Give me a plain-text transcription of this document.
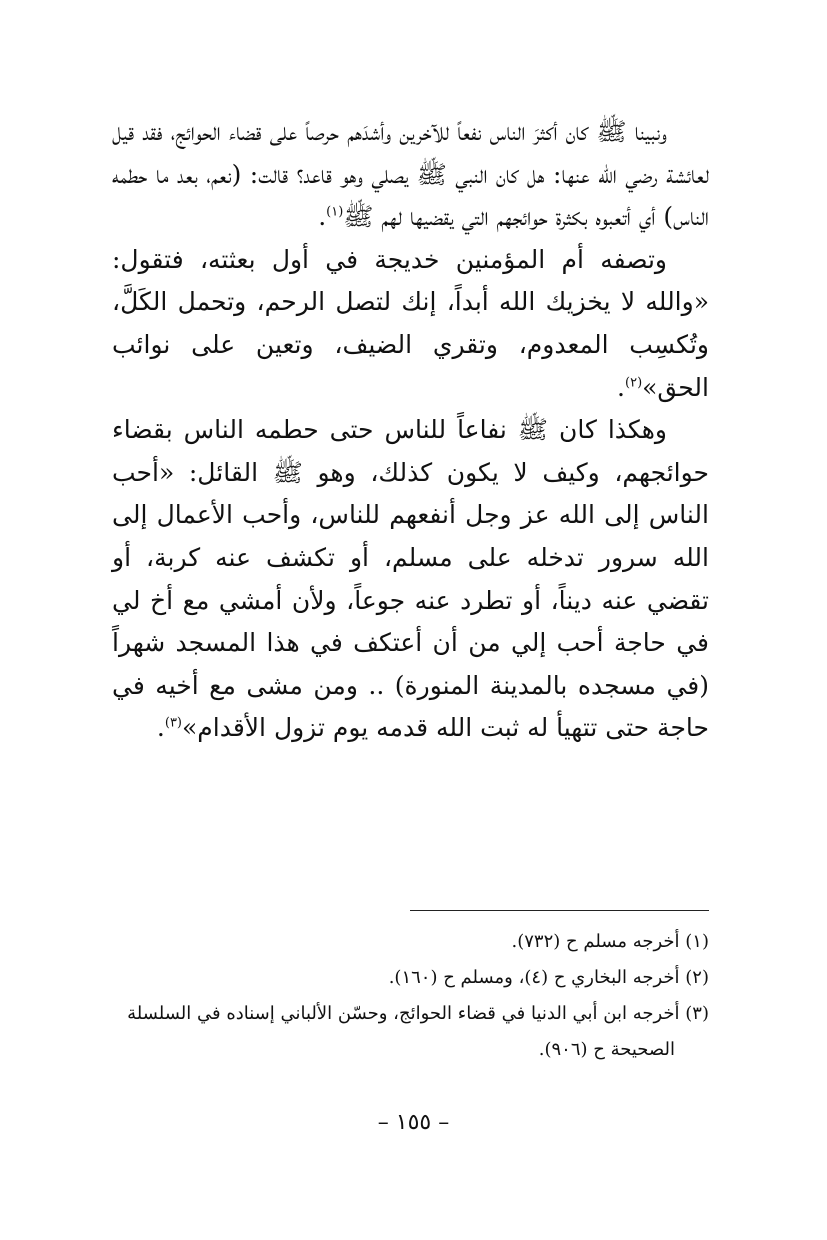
ونبينا ﷺ كان أكثرَ الناس نفعاً للآخرين وأشدَهم حرصاً على قضاء الحوائج، فقد قيل لعائشة رضي الله عنها: هل كان النبي ﷺ يصلي وهو قاعد؟ قالت: (نعم، بعد ما حطمه الناس) أي أتعبوه بكثرة حوائجهم التي يقضيها لهم ﷺ$^{(١)}$.

وتصفه أم المؤمنين خديجة في أول بعثته، فتقول: «والله لا يخزيك الله أبداً، إنك لتصل الرحم، وتحمل الكَلَّ، وتُكسِب المعدوم، وتقري الضيف، وتعين على نوائب الحق»$^{(٢)}$.

وهكذا كان ﷺ نفاعاً للناس حتى حطمه الناس بقضاء حوائجهم، وكيف لا يكون كذلك، وهو ﷺ القائل: «أحب الناس إلى الله عز وجل أنفعهم للناس، وأحب الأعمال إلى الله سرور تدخله على مسلم، أو تكشف عنه كربة، أو تقضي عنه ديناً، أو تطرد عنه جوعاً، ولأن أمشي مع أخ لي في حاجة أحب إلي من أن أعتكف في هذا المسجد شهراً (في مسجده بالمدينة المنورة) .. ومن مشى مع أخيه في حاجة حتى تتهيأ له ثبت الله قدمه يوم تزول الأقدام»$^{(٣)}$.

(١) أخرجه مسلم ح (٧٣٢).

(٢) أخرجه البخاري ح (٤)، ومسلم ح (١٦٠).

(٣) أخرجه ابن أبي الدنيا في قضاء الحوائج، وحسّن الألباني إسناده في السلسلة الصحيحة ح (٩٠٦).

– ١٥٥ –
